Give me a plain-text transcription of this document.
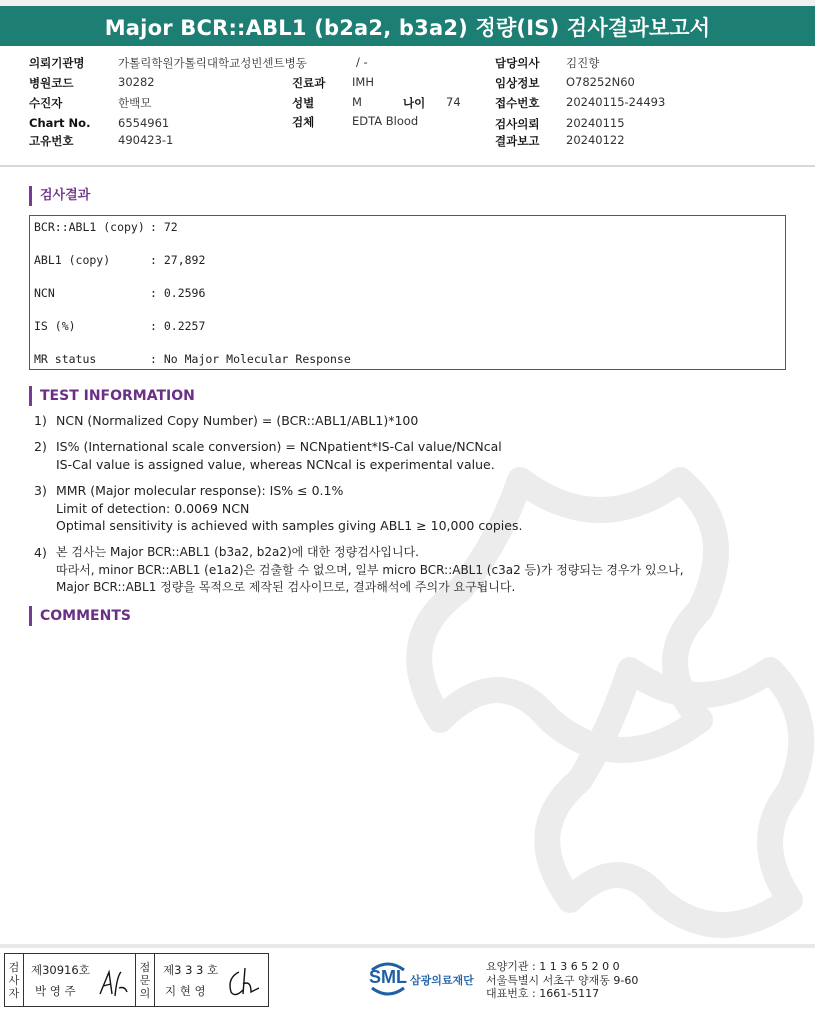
Major BCR::ABL1 (b2a2, b3a2) 정량(IS) 검사결과보고서
의뢰기관명	가톨릭학원가톨릭대학교성빈센트병동	/ -	담당의사 김진향
병원코드	30282	진료과 IMH	임상정보 O78252N60
수진자	한백모	성별	M	나이 74	접수번호 20240115-24493
Chart No. 6554961	검체	EDTA Blood	검사의뢰 20240115
고유번호	490423-1	결과보고 20240122
검사결과
BCR::ABL1 (copy) : 72
ABL1 (copy)	: 27,892
NCN	: 0.2596
IS (%)	: 0.2257
MR status	: No Major Molecular Response
TEST INFORMATION
1) NCN (Normalized Copy Number) = (BCR::ABL1/ABL1)*100
2) IS% (International scale conversion) = NCNpatient*IS-Cal value/NCNcal
IS-Cal value is assigned value, whereas NCNcal is experimental value.
3) MMR (Major molecular response): IS% ≤ 0.1%
Limit of detection: 0.0069 NCN
Optimal sensitivity is achieved with samples giving ABL1 ≥ 10,000 copies.
4) 본 검사는 Major BCR::ABL1 (b3a2, b2a2)에 대한 정량검사입니다.
따라서, minor BCR::ABL1 (e1a2)은 검출할 수 없으며, 일부 micro BCR::ABL1 (c3a2 등)가 정량되는 경우가 있으나,
Major BCR::ABL1 정량을 목적으로 제작된 검사이므로, 결과해석에 주의가 요구됩니다.
COMMENTS
검
사
자
제30916호
박 영 주
점
문
의
제3 3 3 호
지 현 영
SML 삼광의료재단
요양기관 : 1 1 3 6 5 2 0 0
서울특별시 서초구 양재동 9-60
대표번호 : 1661-5117
